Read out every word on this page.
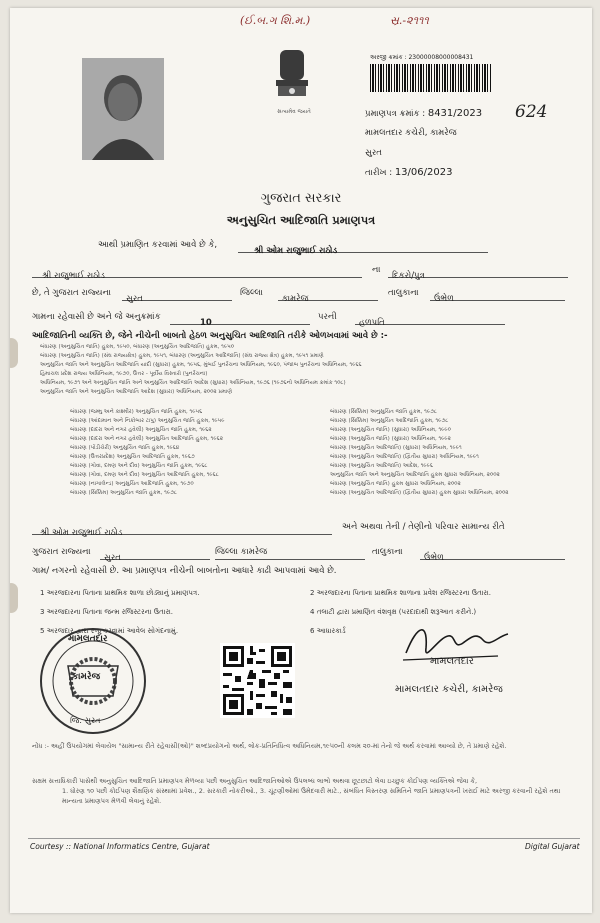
(ઈ.બ.ગ શિ.મ.)	સ્ર.-૨૧૧૧
સત્યમેવ જયતે
અરજી ક્રમાંક : 23000008000008431
પ્રમાણપત્ર ક્રમાંક : 8431/2023 624
મામલતદાર કચેરી, કામરેજ
સુરત
તારીખ : 13/06/2023
ગુજરાત સરકાર
અનુસુચિત આદિજાતિ પ્રમાણપત્ર
આથી પ્રમાણિત કરવામાં આવે છે કે,
શ્રી ઓમ રાજુભાઈ રાઠોડ
શ્રી રાજુભાઈ રાઠોડ
ના
દિકરો/પુત્ર
છે, તે ગુજરાત રાજ્યના
સુરત
જિલ્લા
કામરેજ
તાલુકાના
ઉંભેળ
ગામના રહેવાસી છે અને જે અનુક્રમાંક
10
પરની
હળપતિ
આદિજાતિની વ્યક્તિ છે, જેને નીચેની બાબતો હેઠળ અનુસુચિત આદિજાતિ તરીકે ઓળખવામાં આવે છે :-
બંધારણ (અનુસુચિત જાતિ) હુકમ, ૧૯૫૦, બંધારણ (અનુસુચિત આદિજાતિ) હુકમ, ૧૯૫૦
બંધારણ (અનુસુચિત જાતિ) (સંઘ રાજ્યક્ષેત્ર) હુકમ, ૧૯૫૧, બંધારણ (અનુસુચિત આદિજાતિ) (સંઘ રાજ્ય ક્ષેત્ર) હુકમ, ૧૯૫૧ પ્રમાણે
અનુસુચિત જાતિ અને અનુસુચિત આદિજાતિ યાદી (સુધારા) હુકમ, ૧૯૫૬, મુંબઈ પુનર્રચના અધિનિયમ, ૧૯૬૦, પંજાબ પુનર્રચના અધિનિયમ, ૧૯૬૬
હિમાચલ પ્રદેશ રાજ્ય અધિનિયમ, ૧૯૭૦, ઉત્તર - પૂર્વીય વિસ્તારો (પુનર્રચના)
અધિનિયમ, ૧૯૭૧ અને અનુસુચિત જાતિ અને અનુસુચિત આદિજાતિ આદેશ (સુધારા) અધિનિયમ, ૧૯૭૬ (૧૯૭૬નો અધિનિયમ ક્રમાંક ૧૦૮)
અનુસુચિત જાતિ અને અનુસુચિત આદિજાતિ આદેશ (સુધારા) અધિનિયમ, ૨૦૦૨ પ્રમાણે
બંધારણ (જમ્મુ અને કાશ્મીર) અનુસુચિત જાતિ હુકમ, ૧૯૫૬
બંધારણ (આંદામાન અને નિકોબાર ટાપુ) અનુસુચિત જાતિ હુકમ, ૧૯૫૯
બંધારણ (દાદરા અને નગર હવેલી) અનુસુચિત જાતિ હુકમ, ૧૯૬૨
બંધારણ (દાદરા અને નગર હવેલી) અનુસુચિત આદિજાતિ હુકમ, ૧૯૬૨
બંધારણ (પોંડીચેરી) અનુસુચિત જાતિ હુકમ, ૧૯૬૪
બંધારણ (ઉત્તરપ્રદેશ) અનુસુચિત આદિજાતિ હુકમ, ૧૯૬૭
બંધારણ (ગોવા, દમણ અને દીવ) અનુસુચિત જાતિ હુકમ, ૧૯૬૮
બંધારણ (ગોવા, દમણ અને દીવ) અનુસુચિત આદિજાતિ હુકમ, ૧૯૬૮
બંધારણ (નાગાલેન્ડ) અનુસુચિત આદિજાતિ હુકમ, ૧૯૭૦
બંધારણ (સિક્કિમ) અનુસુચિત જાતિ હુકમ, ૧૯૭૮
બંધારણ (સિક્કિમ) અનુસુચિત જાતિ હુકમ, ૧૯૭૮
બંધારણ (સિક્કિમ) અનુસુચિત આદિજાતિ હુકમ, ૧૯૭૮
બંધારણ (અનુસુચિત જાતિ) (સુધારા) અધિનિયમ, ૧૯૯૦
બંધારણ (અનુસુચિત જાતિ) (સુધારા) અધિનિયમ, ૧૯૯૨
બંધારણ (અનુસુચિત આદિજાતિ) (સુધારા) અધિનિયમ, ૧૯૯૧
બંધારણ (અનુસુચિત આદિજાતિ) (દ્વિતીય સુધારા) અધિનિયમ, ૧૯૯૧
બંધારણ (અનુસુચિત આદિજાતિ) આદેશ, ૧૯૯૬
અનુસુચિત જાતિ અને અનુસુચિત આદિજાતિ હુકમ સુધારા અધિનિયમ, ૨૦૦૨
બંધારણ (અનુસુચિત જાતિ) હુકમ સુધારા અધિનિયમ, ૨૦૦૨
બંધારણ (અનુસુચિત આદિજાતિ) (દ્વિતીય સુધારા) હુકમ સુધારા અધિનિયમ, ૨૦૦૨
શ્રી ઓમ રાજુભાઈ રાઠોડ
અને અથવા તેની / તેણીનો પરિવાર સામાન્ય રીતે
ગુજરાત રાજ્યના
સુરત
જિલ્લા કામરેજ	તાલુકાના
ઉંભેળ
ગામ/ નગરનો રહેવાસી છે. આ પ્રમાણપત્ર નીચેની બાબતોના આધારે કાઢી આપવામાં આવે છે.
1 અરજદારના પિતાના પ્રાથમિક શાળા છોડ્યાનું પ્રમાણપત્ર.
3 અરજદારના પિતાના જન્મ રજિસ્ટરના ઉતારા.
5 અરજદાર દ્વારા રજુ કરવામાં આવેલ સોગંદનામું.
2 અરજદારના પિતાના પ્રાથમિક શાળાના પ્રવેશ રજિસ્ટરના ઉતારા.
4 તલાટી દ્વારા પ્રમાણિત વંશવૃક્ષ (પરદાદાથી શરૂઆત કરીને.)
6 આધારકાર્ડ
મામલતદાર
કામરેજ
જિ. સુરત
મામલતદાર
મામલતદાર કચેરી, કામરેજ
નોંધ :- અહીં ઉપયોગમાં લેવાયેલ "સામાન્ય રીતે રહેવાસી(ઓ)" શબ્દપ્રયોગનો અર્થ, લોક-પ્રતિનિધિત્વ અધિનિયમ,૧૯૫૦ની કલમ ૨૦-માં તેનો જે અર્થ કરવામાં આવ્યો છે, તે પ્રમાણે રહેશે.
સક્ષમ સત્તાધિકારી પાસેથી અનુસુચિત આદિજાતિ પ્રમાણપત્ર મેળવ્યા પછી અનુસુચિત આદિજાતિઓએ ઉપલબ્ધ લાભો અથવા છૂટછાટો લેવા ઇચ્છુક કોઈપણ વ્યક્તિએ જેવા કે,
1. ધોરણ ૧૦ પછી કોઈપણ શૈક્ષણિક સંસ્થામાં પ્રવેશ., 2. સરકારી નોકરીઓ., 3. ચૂંટણીઓમાં ઉમેદવારી માટે., સંબંધિત વિસ્તરણ સમિતિને જાતિ પ્રમાણપત્રની ખરાઈ માટે અરજી કરવાની રહેશે તથા માન્યતા પ્રમાણપત્ર મેળવી લેવાનું રહેશે.
Courtesy :: National Informatics Centre, Gujarat	Digital Gujarat
